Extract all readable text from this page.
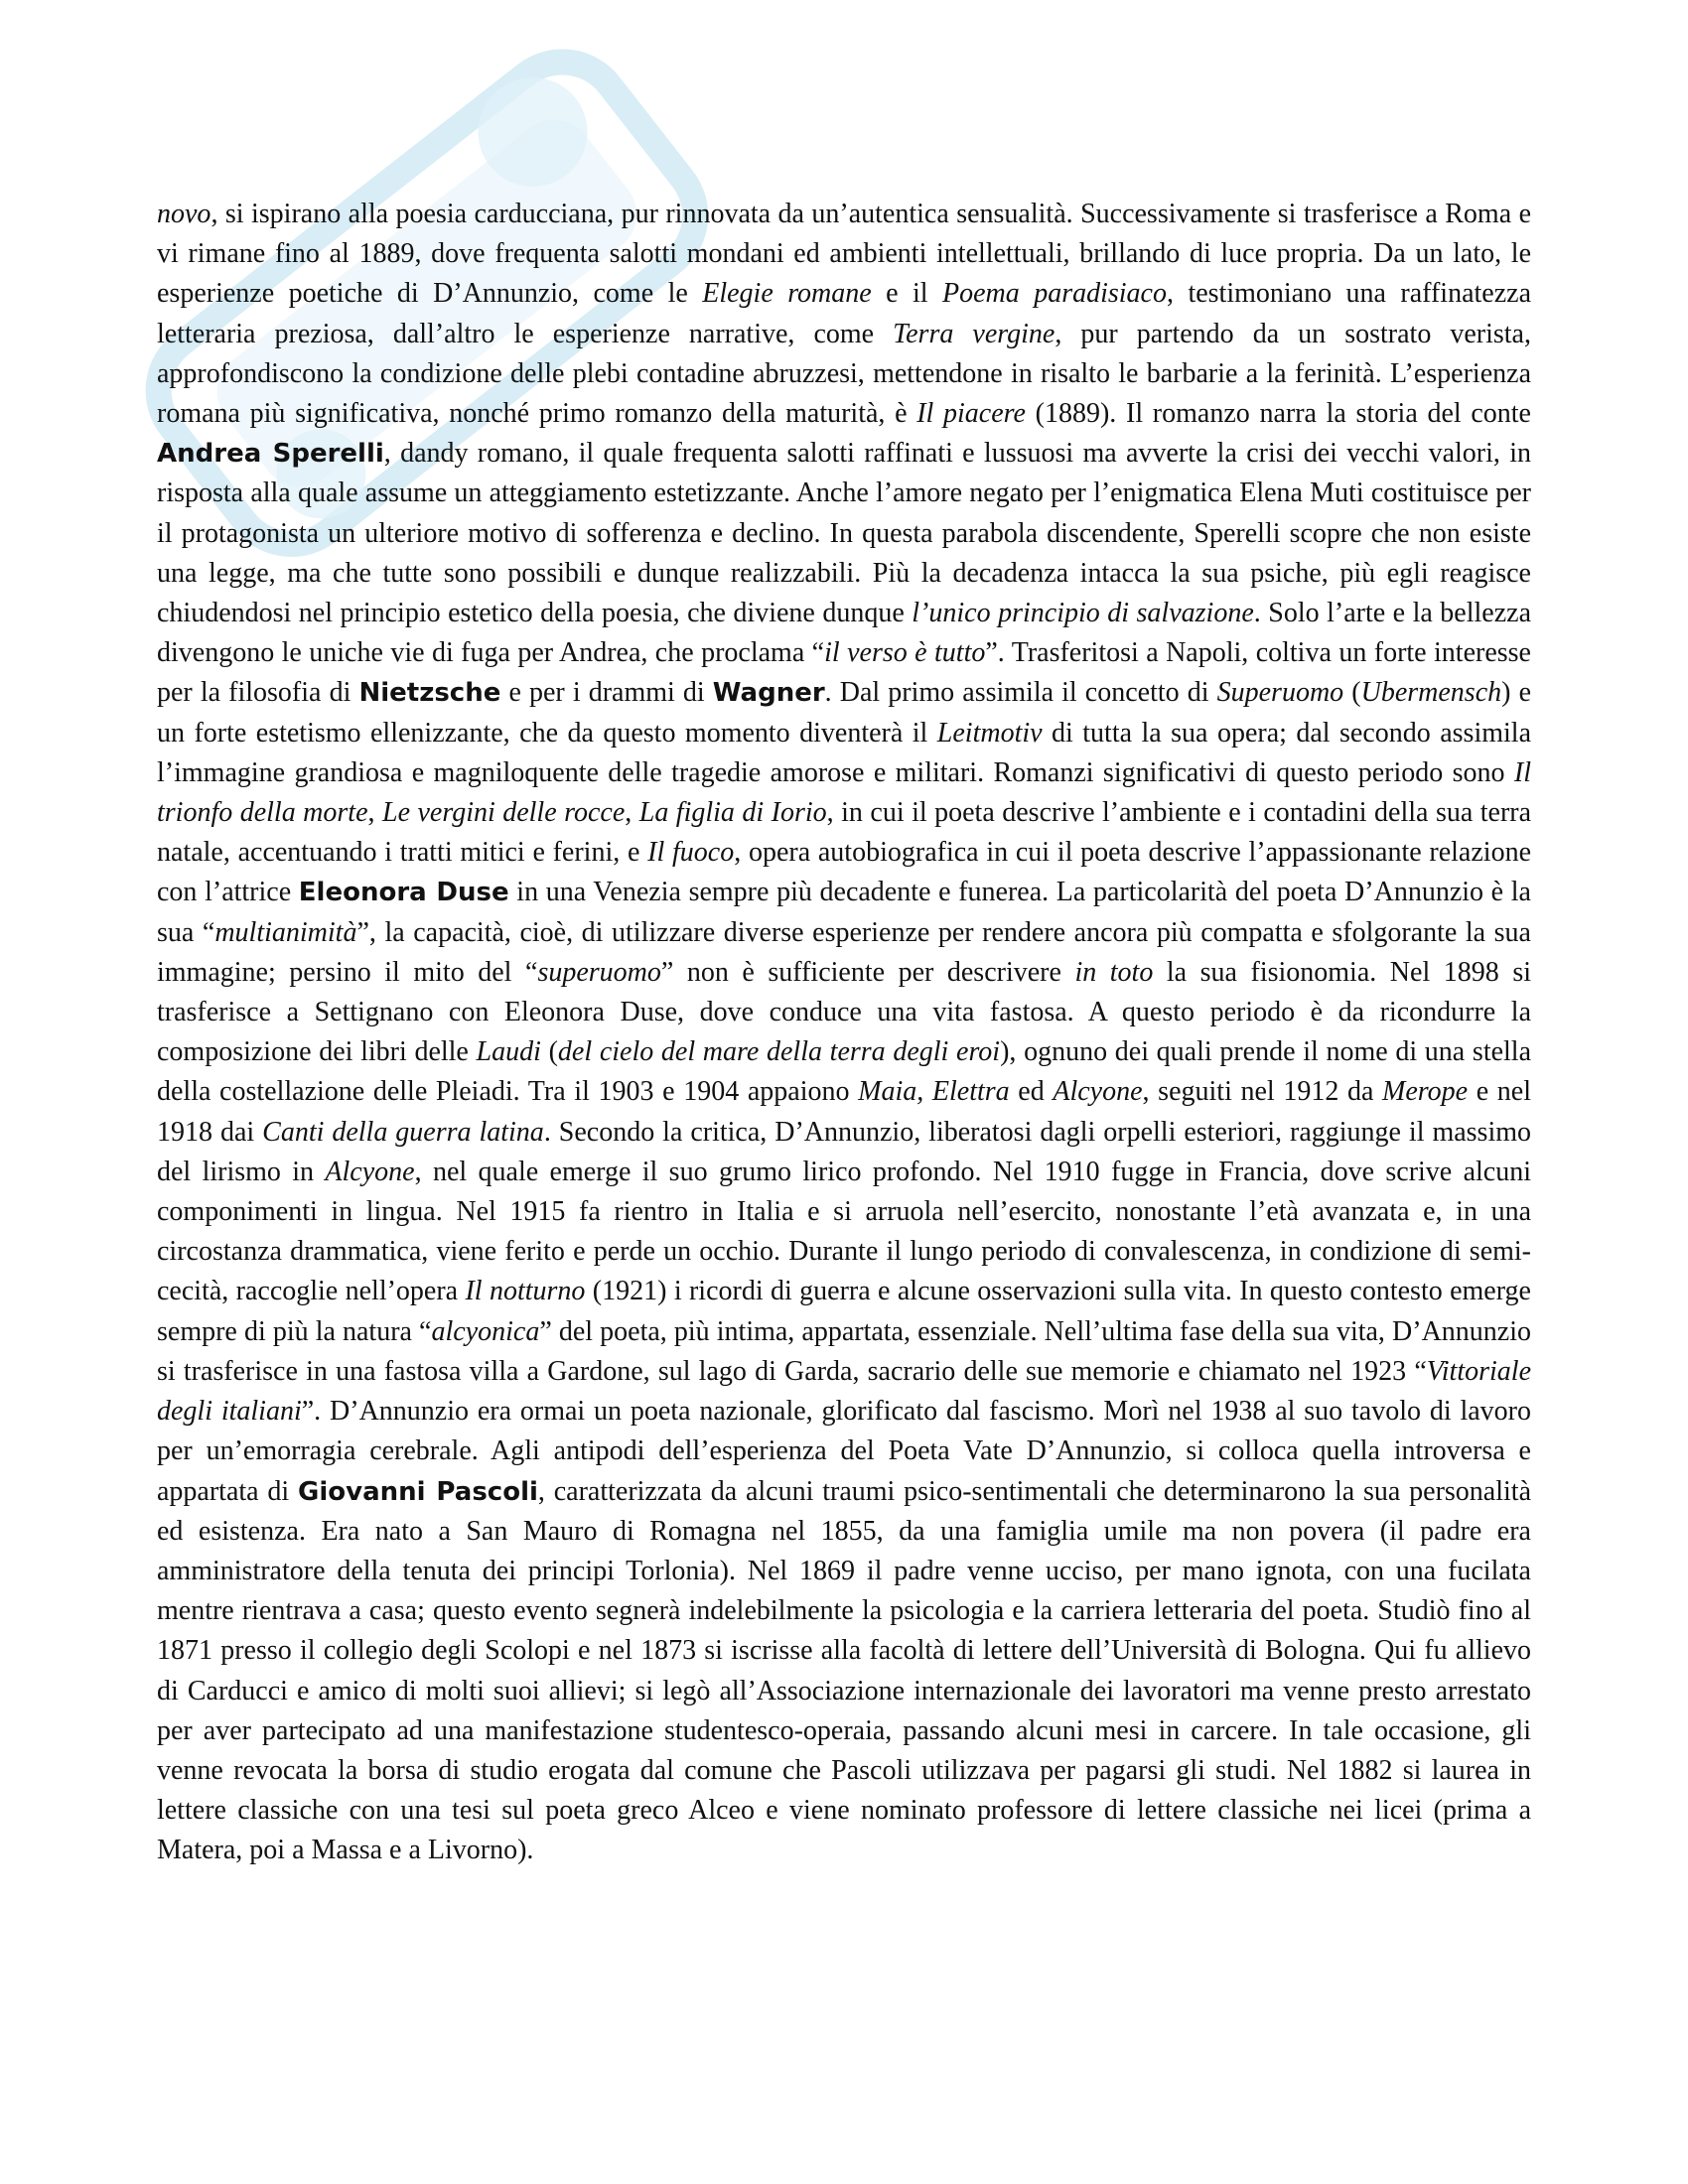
novo, si ispirano alla poesia carducciana, pur rinnovata da un’autentica sensualità. Successivamente si trasferisce a Roma e vi rimane fino al 1889, dove frequenta salotti mondani ed ambienti intellettuali, brillando di luce propria. Da un lato, le esperienze poetiche di D’Annunzio, come le Elegie romane e il Poema paradisiaco, testimoniano una raffinatezza letteraria preziosa, dall’altro le esperienze narrative, come Terra vergine, pur partendo da un sostrato verista, approfondiscono la condizione delle plebi contadine abruzzesi, mettendone in risalto le barbarie a la ferinità. L’esperienza romana più significativa, nonché primo romanzo della maturità, è Il piacere (1889). Il romanzo narra la storia del conte Andrea Sperelli, dandy romano, il quale frequenta salotti raffinati e lussuosi ma avverte la crisi dei vecchi valori, in risposta alla quale assume un atteggiamento estetizzante. Anche l’amore negato per l’enigmatica Elena Muti costituisce per il protagonista un ulteriore motivo di sofferenza e declino. In questa parabola discendente, Sperelli scopre che non esiste una legge, ma che tutte sono possibili e dunque realizzabili. Più la decadenza intacca la sua psiche, più egli reagisce chiudendosi nel principio estetico della poesia, che diviene dunque l’unico principio di salvazione. Solo l’arte e la bellezza divengono le uniche vie di fuga per Andrea, che proclama “il verso è tutto”. Trasferitosi a Napoli, coltiva un forte interesse per la filosofia di Nietzsche e per i drammi di Wagner. Dal primo assimila il concetto di Superuomo (Ubermensch) e un forte estetismo ellenizzante, che da questo momento diventerà il Leitmotiv di tutta la sua opera; dal secondo assimila l’immagine grandiosa e magniloquente delle tragedie amorose e militari. Romanzi significativi di questo periodo sono Il trionfo della morte, Le vergini delle rocce, La figlia di Iorio, in cui il poeta descrive l’ambiente e i contadini della sua terra natale, accentuando i tratti mitici e ferini, e Il fuoco, opera autobiografica in cui il poeta descrive l’appassionante relazione con l’attrice Eleonora Duse in una Venezia sempre più decadente e funerea. La particolarità del poeta D’Annunzio è la sua “multianimità”, la capacità, cioè, di utilizzare diverse esperienze per rendere ancora più compatta e sfolgorante la sua immagine; persino il mito del “superuomo” non è sufficiente per descrivere in toto la sua fisionomia. Nel 1898 si trasferisce a Settignano con Eleonora Duse, dove conduce una vita fastosa. A questo periodo è da ricondurre la composizione dei libri delle Laudi (del cielo del mare della terra degli eroi), ognuno dei quali prende il nome di una stella della costellazione delle Pleiadi. Tra il 1903 e 1904 appaiono Maia, Elettra ed Alcyone, seguiti nel 1912 da Merope e nel 1918 dai Canti della guerra latina. Secondo la critica, D’Annunzio, liberatosi dagli orpelli esteriori, raggiunge il massimo del lirismo in Alcyone, nel quale emerge il suo grumo lirico profondo. Nel 1910 fugge in Francia, dove scrive alcuni componimenti in lingua. Nel 1915 fa rientro in Italia e si arruola nell’esercito, nonostante l’età avanzata e, in una circostanza drammatica, viene ferito e perde un occhio. Durante il lungo periodo di convalescenza, in condizione di semi-cecità, raccoglie nell’opera Il notturno (1921) i ricordi di guerra e alcune osservazioni sulla vita. In questo contesto emerge sempre di più la natura “alcyonica” del poeta, più intima, appartata, essenziale. Nell’ultima fase della sua vita, D’Annunzio si trasferisce in una fastosa villa a Gardone, sul lago di Garda, sacrario delle sue memorie e chiamato nel 1923 “Vittoriale degli italiani”. D’Annunzio era ormai un poeta nazionale, glorificato dal fascismo. Morì nel 1938 al suo tavolo di lavoro per un’emorragia cerebrale. Agli antipodi dell’esperienza del Poeta Vate D’Annunzio, si colloca quella introversa e appartata di Giovanni Pascoli, caratterizzata da alcuni traumi psico-sentimentali che determinarono la sua personalità ed esistenza. Era nato a San Mauro di Romagna nel 1855, da una famiglia umile ma non povera (il padre era amministratore della tenuta dei principi Torlonia). Nel 1869 il padre venne ucciso, per mano ignota, con una fucilata mentre rientrava a casa; questo evento segnerà indelebilmente la psicologia e la carriera letteraria del poeta. Studiò fino al 1871 presso il collegio degli Scolopi e nel 1873 si iscrisse alla facoltà di lettere dell’Università di Bologna. Qui fu allievo di Carducci e amico di molti suoi allievi; si legò all’Associazione internazionale dei lavoratori ma venne presto arrestato per aver partecipato ad una manifestazione studentesco-operaia, passando alcuni mesi in carcere. In tale occasione, gli venne revocata la borsa di studio erogata dal comune che Pascoli utilizzava per pagarsi gli studi. Nel 1882 si laurea in lettere classiche con una tesi sul poeta greco Alceo e viene nominato professore di lettere classiche nei licei (prima a Matera, poi a Massa e a Livorno).
